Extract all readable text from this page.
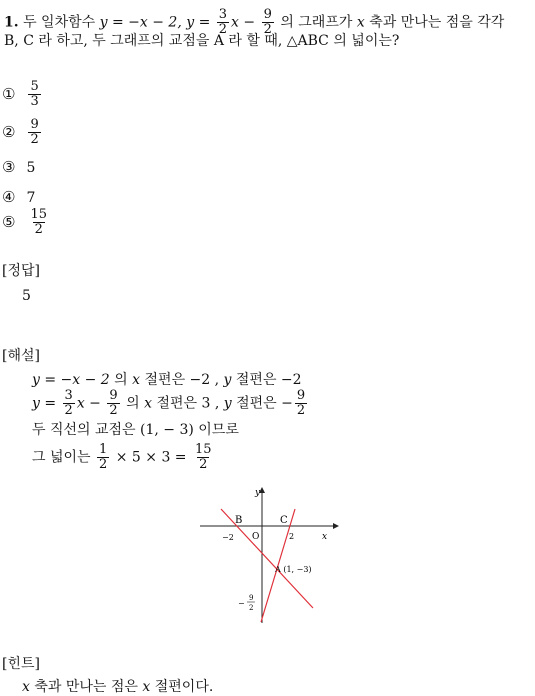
1. 두 일차함수 y = −x − 2, $y = \frac{3}{2}$ $x - \frac{9}{2}$ 의 그래프가 x 축과 만나는 점을 각각
B, C 라 하고, 두 그래프의 교점을 A 라 할 때, △ABC 의 넓이는?
① $\frac{5}{3}$
② $\frac{9}{2}$
③ 5
④ 7
⑤ $\frac{15}{2}$
[정답]
5
[해설]
y = −x − 2 의 x 절편은 −2 , y 절편은 −2
$y = \frac{3}{2}$ $x - \frac{9}{2}$ 의 x 절편은 3 , y 절편은 − $\frac{9}{2}$
두 직선의 교점은 (1, − 3) 이므로
그 넓이는 $\frac{1}{2} \times 5 \times 3 = \frac{15}{2}$
y
x
B	C
O
−2	2
A (1, −3)
−
9
2
[힌트]
x 축과 만나는 점은 x 절편이다.
